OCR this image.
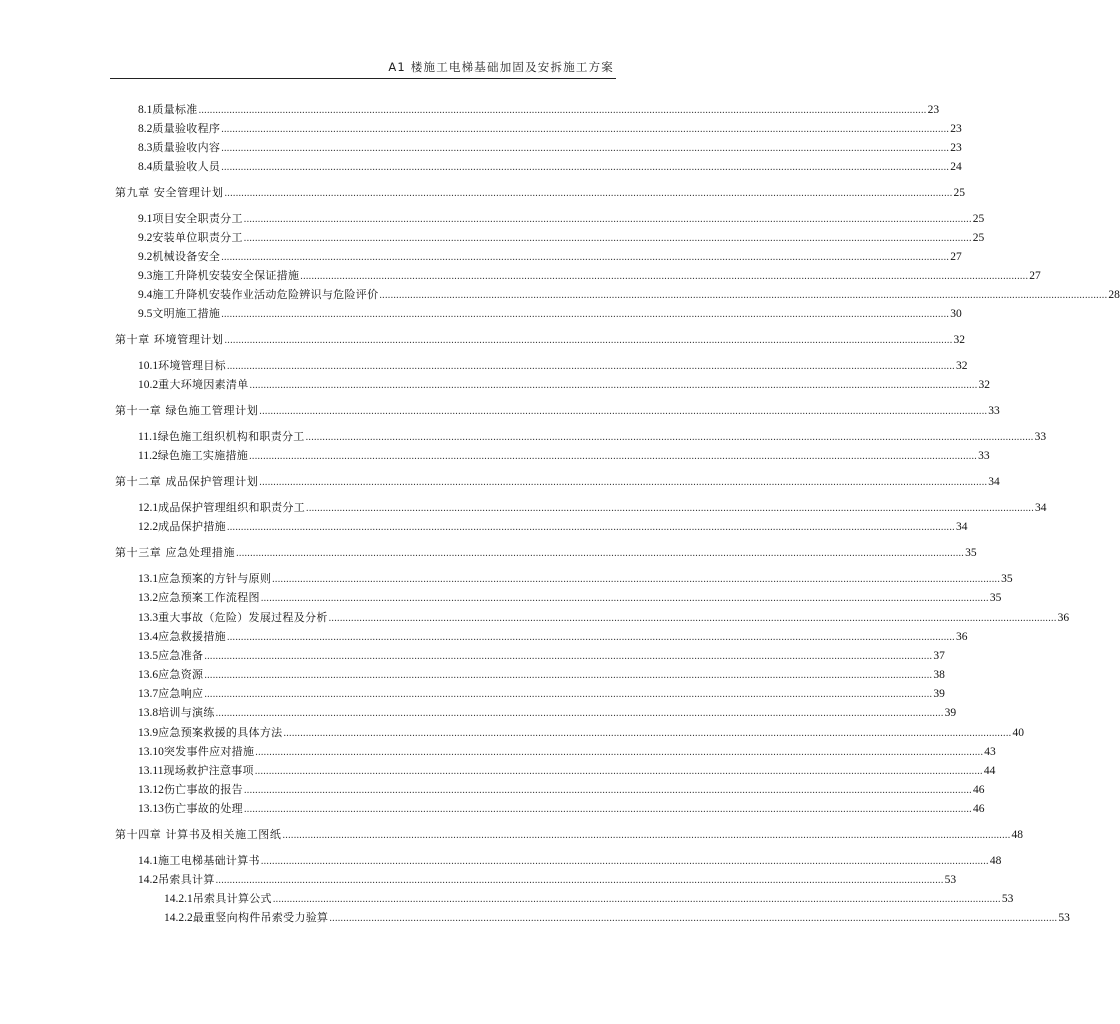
A1 楼施工电梯基础加固及安拆施工方案
8.1 质量标准 .................................................................................................................................................................................................................................................................... 23
8.2 质量验收程序 .................................................................................................................................................................................................................................................................... 23
8.3 质量验收内容 .................................................................................................................................................................................................................................................................... 23
8.4 质量验收人员 .................................................................................................................................................................................................................................................................... 24
第九章 安全管理计划 .................................................................................................................................................................................................................................................................... 25
9.1 项目安全职责分工 .................................................................................................................................................................................................................................................................... 25
9.2 安装单位职责分工 .................................................................................................................................................................................................................................................................... 25
9.2 机械设备安全 .................................................................................................................................................................................................................................................................... 27
9.3 施工升降机安装安全保证措施 .................................................................................................................................................................................................................................................................... 27
9.4 施工升降机安装作业活动危险辨识与危险评价 .................................................................................................................................................................................................................................................................... 28
9.5 文明施工措施 .................................................................................................................................................................................................................................................................... 30
第十章 环境管理计划 .................................................................................................................................................................................................................................................................... 32
10.1 环境管理目标 .................................................................................................................................................................................................................................................................... 32
10.2 重大环境因素清单 .................................................................................................................................................................................................................................................................... 32
第十一章 绿色施工管理计划 .................................................................................................................................................................................................................................................................... 33
11.1 绿色施工组织机构和职责分工 .................................................................................................................................................................................................................................................................... 33
11.2 绿色施工实施措施 .................................................................................................................................................................................................................................................................... 33
第十二章 成品保护管理计划 .................................................................................................................................................................................................................................................................... 34
12.1 成品保护管理组织和职责分工 .................................................................................................................................................................................................................................................................... 34
12.2 成品保护措施 .................................................................................................................................................................................................................................................................... 34
第十三章 应急处理措施 .................................................................................................................................................................................................................................................................... 35
13.1 应急预案的方针与原则 .................................................................................................................................................................................................................................................................... 35
13.2 应急预案工作流程图 .................................................................................................................................................................................................................................................................... 35
13.3 重大事故（危险）发展过程及分析 .................................................................................................................................................................................................................................................................... 36
13.4 应急救援措施 .................................................................................................................................................................................................................................................................... 36
13.5 应急准备 .................................................................................................................................................................................................................................................................... 37
13.6 应急资源 .................................................................................................................................................................................................................................................................... 38
13.7 应急响应 .................................................................................................................................................................................................................................................................... 39
13.8 培训与演练 .................................................................................................................................................................................................................................................................... 39
13.9 应急预案救援的具体方法 .................................................................................................................................................................................................................................................................... 40
13.10 突发事件应对措施 .................................................................................................................................................................................................................................................................... 43
13.11 现场救护注意事项 .................................................................................................................................................................................................................................................................... 44
13.12 伤亡事故的报告 .................................................................................................................................................................................................................................................................... 46
13.13 伤亡事故的处理 .................................................................................................................................................................................................................................................................... 46
第十四章 计算书及相关施工图纸 .................................................................................................................................................................................................................................................................... 48
14.1 施工电梯基础计算书 .................................................................................................................................................................................................................................................................... 48
14.2 吊索具计算 .................................................................................................................................................................................................................................................................... 53
14.2.1 吊索具计算公式 .................................................................................................................................................................................................................................................................... 53
14.2.2 最重竖向构件吊索受力验算 .................................................................................................................................................................................................................................................................... 53
